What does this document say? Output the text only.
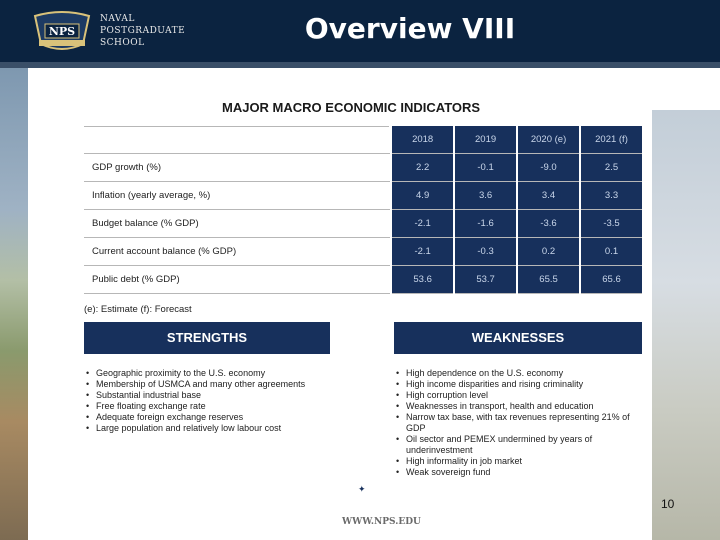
NPS
NAVAL
POSTGRADUATE
SCHOOL	Overview VIII
MAJOR MACRO ECONOMIC INDICATORS
	2018	2019	2020 (e)	2021 (f)
GDP growth (%)	2.2	-0.1	-9.0	2.5
Inflation (yearly average, %)	4.9	3.6	3.4	3.3
Budget balance (% GDP)	-2.1	-1.6	-3.6	-3.5
Current account balance (% GDP)	-2.1	-0.3	0.2	0.1
Public debt (% GDP)	53.6	53.7	65.5	65.6
(e): Estimate (f): Forecast
STRENGTHS	WEAKNESSES
• Geographic proximity to the U.S. economy
• Membership of USMCA and many other agreements
• Substantial industrial base
• Free floating exchange rate
• Adequate foreign exchange reserves
• Large population and relatively low labour cost
• High dependence on the U.S. economy
• High income disparities and rising criminality
• High corruption level
• Weaknesses in transport, health and education
• Narrow tax base, with tax revenues representing 21% of GDP
• Oil sector and PEMEX undermined by years of underinvestment
• High informality in job market
• Weak sovereign fund
✦
WWW.NPS.EDU
10
